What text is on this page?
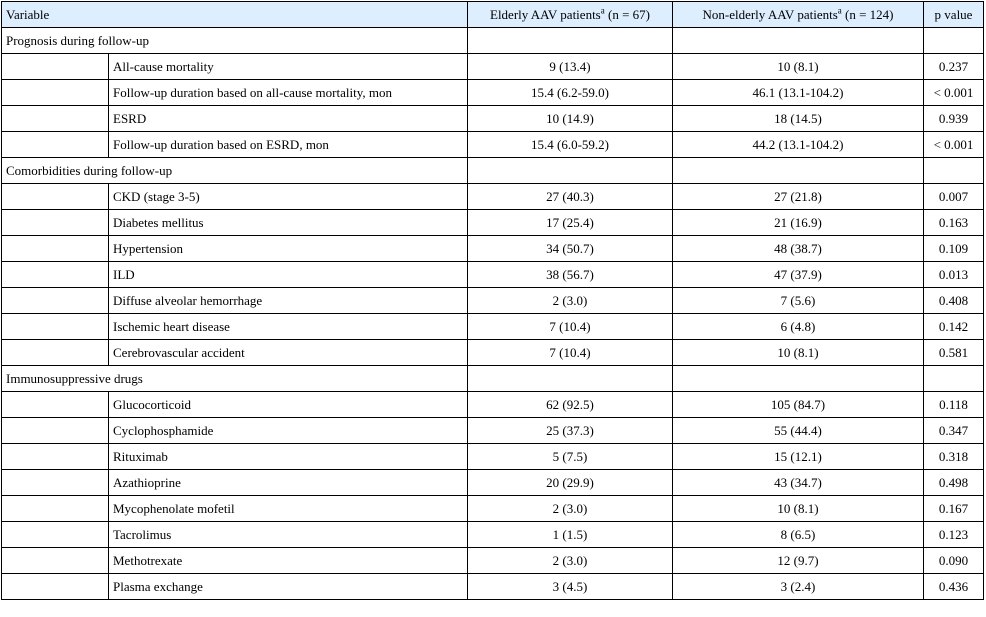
Variable		Elderly AAV patients$^a$ (n = 67)	Non-elderly AAV patients$^a$ (n = 124)	p value
Prognosis during follow-up				
	All-cause mortality	9 (13.4)	10 (8.1)	0.237
	Follow-up duration based on all-cause mortality, mon	15.4 (6.2-59.0)	46.1 (13.1-104.2)	< 0.001
	ESRD	10 (14.9)	18 (14.5)	0.939
	Follow-up duration based on ESRD, mon	15.4 (6.0-59.2)	44.2 (13.1-104.2)	< 0.001
Comorbidities during follow-up				
	CKD (stage 3-5)	27 (40.3)	27 (21.8)	0.007
	Diabetes mellitus	17 (25.4)	21 (16.9)	0.163
	Hypertension	34 (50.7)	48 (38.7)	0.109
	ILD	38 (56.7)	47 (37.9)	0.013
	Diffuse alveolar hemorrhage	2 (3.0)	7 (5.6)	0.408
	Ischemic heart disease	7 (10.4)	6 (4.8)	0.142
	Cerebrovascular accident	7 (10.4)	10 (8.1)	0.581
Immunosuppressive drugs				
	Glucocorticoid	62 (92.5)	105 (84.7)	0.118
	Cyclophosphamide	25 (37.3)	55 (44.4)	0.347
	Rituximab	5 (7.5)	15 (12.1)	0.318
	Azathioprine	20 (29.9)	43 (34.7)	0.498
	Mycophenolate mofetil	2 (3.0)	10 (8.1)	0.167
	Tacrolimus	1 (1.5)	8 (6.5)	0.123
	Methotrexate	2 (3.0)	12 (9.7)	0.090
	Plasma exchange	3 (4.5)	3 (2.4)	0.436
